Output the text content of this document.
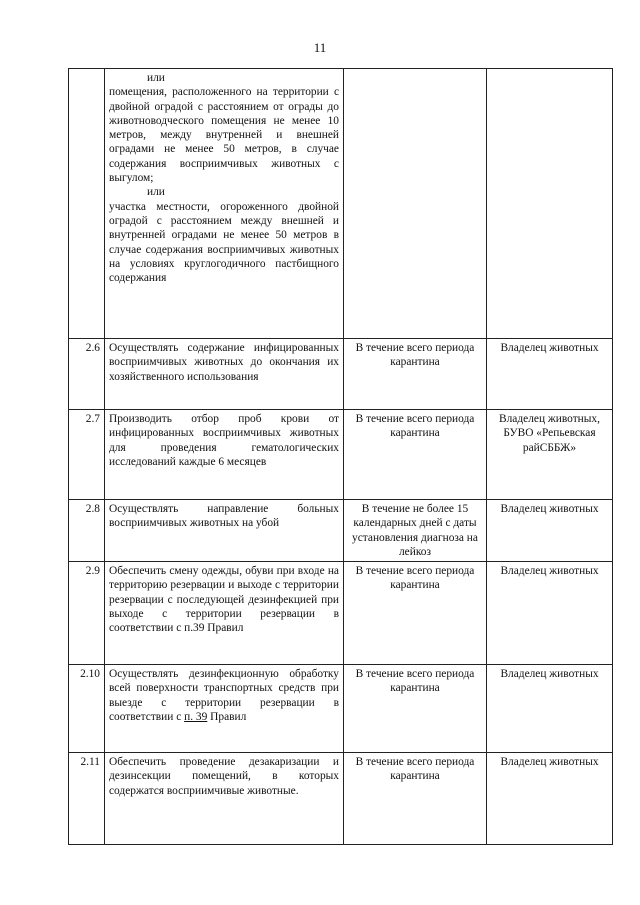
11

	или
помещения, расположенного на территории с двойной оградой с расстоянием от ограды до животноводческого помещения не менее 10 метров, между внутренней и внешней оградами не менее 50 метров, в случае содержания восприимчивых животных с выгулом;
или
участка местности, огороженного двойной оградой с расстоянием между внешней и внутренней оградами не менее 50 метров в случае содержания восприимчивых животных на условиях круглогодичного пастбищного содержания		

2.6	Осуществлять содержание инфицированных восприимчивых животных до окончания их хозяйственного использования	В течение всего периода карантина	Владелец животных
2.7	Производить отбор проб крови от инфицированных восприимчивых животных для проведения гематологических исследований каждые 6 месяцев	В течение всего периода карантина	Владелец животных, БУВО «Репьевская райСББЖ»
2.8	Осуществлять направление больных восприимчивых животных на убой	В течение не более 15 календарных дней с даты установления диагноза на лейкоз	Владелец животных
2.9	Обеспечить смену одежды, обуви при входе на территорию резервации и выходе с территории резервации с последующей дезинфекцией при выходе с территории резервации в соответствии с п.39 Правил	В течение всего периода карантина	Владелец животных
2.10	Осуществлять дезинфекционную обработку всей поверхности транспортных средств при выезде с территории резервации в соответствии с п. 39 Правил	В течение всего периода карантина	Владелец животных
2.11	Обеспечить проведение дезакаризации и дезинсекции помещений, в которых содержатся восприимчивые животные.	В течение всего периода карантина	Владелец животных
